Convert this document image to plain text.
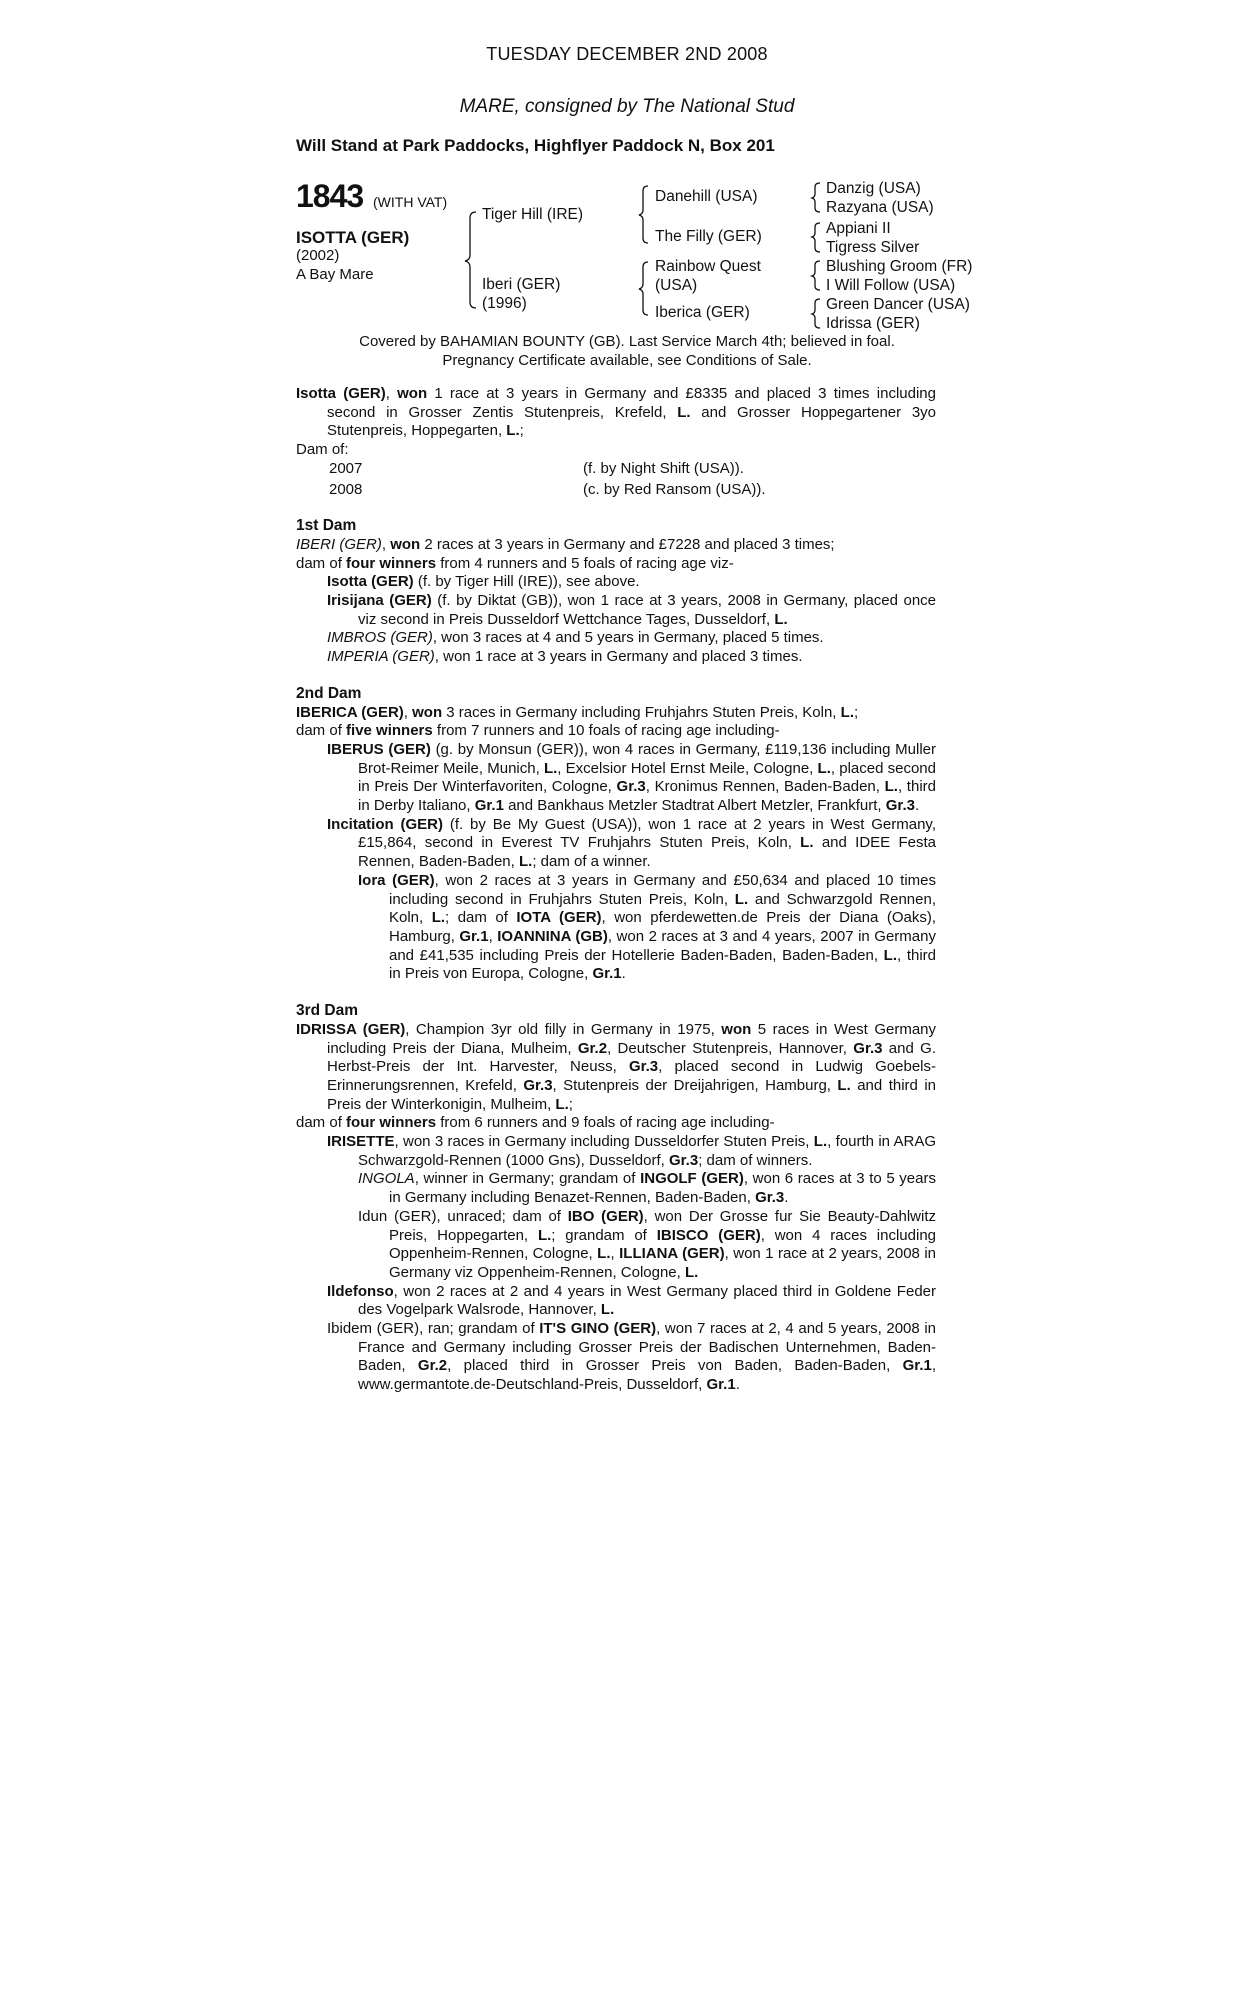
TUESDAY DECEMBER 2ND 2008
MARE, consigned by The National Stud
Will Stand at Park Paddocks, Highflyer Paddock N, Box 201
1843 (WITH VAT)
ISOTTA (GER)
(2002)
A Bay Mare
Tiger Hill (IRE)
Iberi (GER)
(1996)
Danehill (USA)
The Filly (GER)
Rainbow Quest
(USA)
Iberica (GER)
Danzig (USA)
Razyana (USA)
Appiani II
Tigress Silver
Blushing Groom (FR)
I Will Follow (USA)
Green Dancer (USA)
Idrissa (GER)
Covered by BAHAMIAN BOUNTY (GB). Last Service March 4th; believed in foal.
Pregnancy Certificate available, see Conditions of Sale.
Isotta (GER), won 1 race at 3 years in Germany and £8335 and placed 3 times including second in Grosser Zentis Stutenpreis, Krefeld, L. and Grosser Hoppegartener 3yo Stutenpreis, Hoppegarten, L.;
Dam of:
2007	(f. by Night Shift (USA)).
2008	(c. by Red Ransom (USA)).
1st Dam
IBERI (GER), won 2 races at 3 years in Germany and £7228 and placed 3 times;
dam of four winners from 4 runners and 5 foals of racing age viz-
Isotta (GER) (f. by Tiger Hill (IRE)), see above.
Irisijana (GER) (f. by Diktat (GB)), won 1 race at 3 years, 2008 in Germany, placed once viz second in Preis Dusseldorf Wettchance Tages, Dusseldorf, L.
IMBROS (GER), won 3 races at 4 and 5 years in Germany, placed 5 times.
IMPERIA (GER), won 1 race at 3 years in Germany and placed 3 times.
2nd Dam
IBERICA (GER), won 3 races in Germany including Fruhjahrs Stuten Preis, Koln, L.;
dam of five winners from 7 runners and 10 foals of racing age including-
IBERUS (GER) (g. by Monsun (GER)), won 4 races in Germany, £119,136 including Muller Brot-Reimer Meile, Munich, L., Excelsior Hotel Ernst Meile, Cologne, L., placed second in Preis Der Winterfavoriten, Cologne, Gr.3, Kronimus Rennen, Baden-Baden, L., third in Derby Italiano, Gr.1 and Bankhaus Metzler Stadtrat Albert Metzler, Frankfurt, Gr.3.
Incitation (GER) (f. by Be My Guest (USA)), won 1 race at 2 years in West Germany, £15,864, second in Everest TV Fruhjahrs Stuten Preis, Koln, L. and IDEE Festa Rennen, Baden-Baden, L.; dam of a winner.
Iora (GER), won 2 races at 3 years in Germany and £50,634 and placed 10 times including second in Fruhjahrs Stuten Preis, Koln, L. and Schwarzgold Rennen, Koln, L.; dam of IOTA (GER), won pferdewetten.de Preis der Diana (Oaks), Hamburg, Gr.1, IOANNINA (GB), won 2 races at 3 and 4 years, 2007 in Germany and £41,535 including Preis der Hotellerie Baden-Baden, Baden-Baden, L., third in Preis von Europa, Cologne, Gr.1.
3rd Dam
IDRISSA (GER), Champion 3yr old filly in Germany in 1975, won 5 races in West Germany including Preis der Diana, Mulheim, Gr.2, Deutscher Stutenpreis, Hannover, Gr.3 and G. Herbst-Preis der Int. Harvester, Neuss, Gr.3, placed second in Ludwig Goebels-Erinnerungsrennen, Krefeld, Gr.3, Stutenpreis der Dreijahrigen, Hamburg, L. and third in Preis der Winterkonigin, Mulheim, L.;
dam of four winners from 6 runners and 9 foals of racing age including-
IRISETTE, won 3 races in Germany including Dusseldorfer Stuten Preis, L., fourth in ARAG Schwarzgold-Rennen (1000 Gns), Dusseldorf, Gr.3; dam of winners.
INGOLA, winner in Germany; grandam of INGOLF (GER), won 6 races at 3 to 5 years in Germany including Benazet-Rennen, Baden-Baden, Gr.3.
Idun (GER), unraced; dam of IBO (GER), won Der Grosse fur Sie Beauty-Dahlwitz Preis, Hoppegarten, L.; grandam of IBISCO (GER), won 4 races including Oppenheim-Rennen, Cologne, L., ILLIANA (GER), won 1 race at 2 years, 2008 in Germany viz Oppenheim-Rennen, Cologne, L.
Ildefonso, won 2 races at 2 and 4 years in West Germany placed third in Goldene Feder des Vogelpark Walsrode, Hannover, L.
Ibidem (GER), ran; grandam of IT'S GINO (GER), won 7 races at 2, 4 and 5 years, 2008 in France and Germany including Grosser Preis der Badischen Unternehmen, Baden-Baden, Gr.2, placed third in Grosser Preis von Baden, Baden-Baden, Gr.1, www.germantote.de-Deutschland-Preis, Dusseldorf, Gr.1.
